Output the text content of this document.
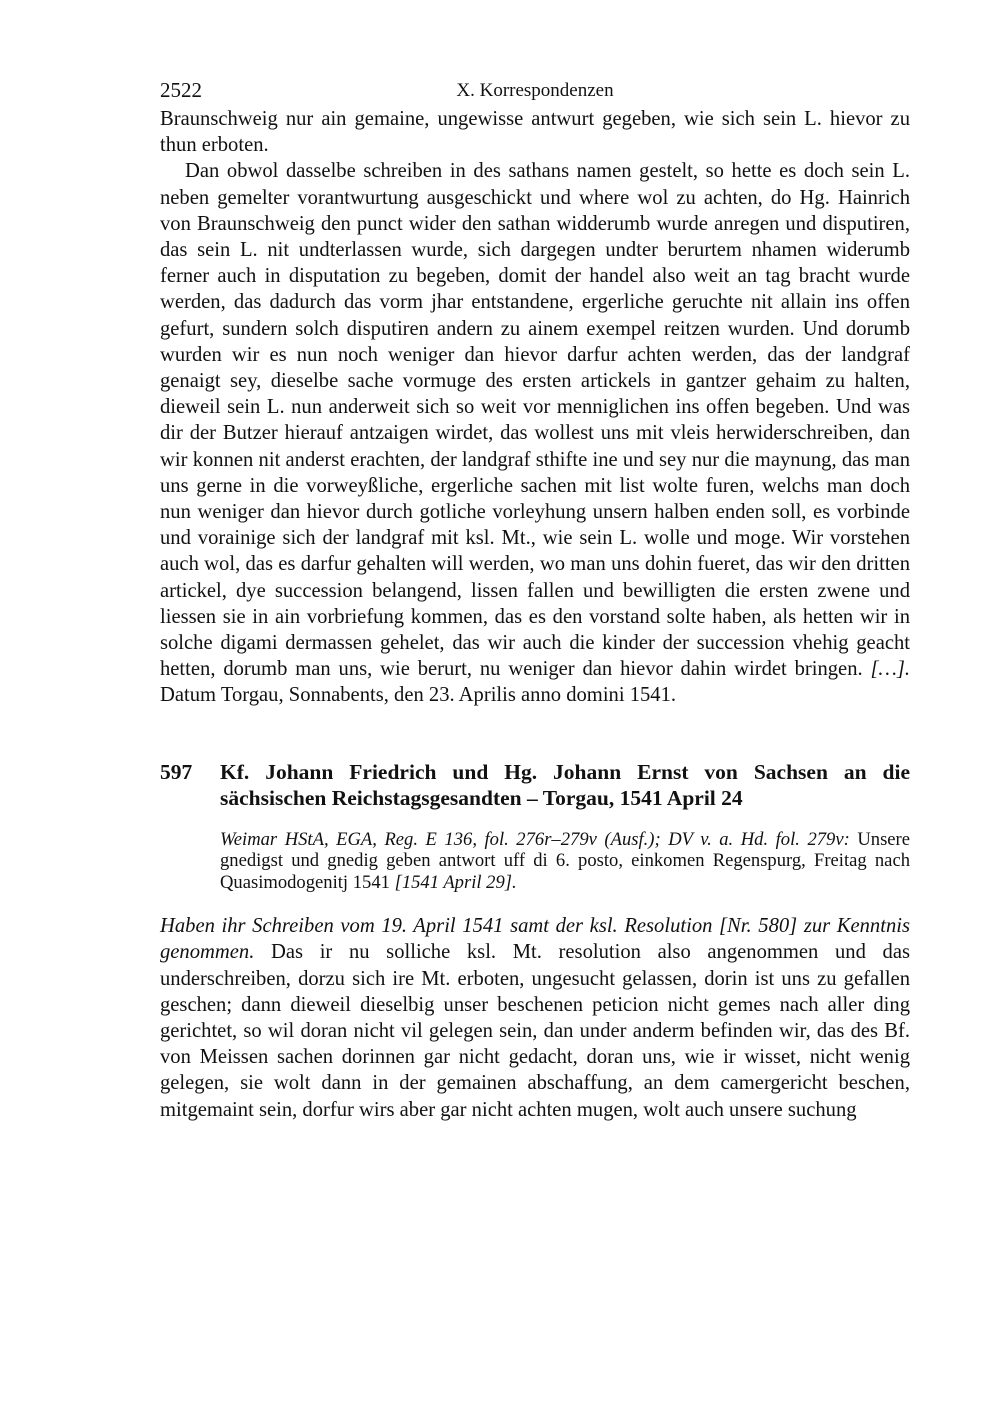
2522	X. Korrespondenzen

Braunschweig nur ain gemaine, ungewisse antwurt gegeben, wie sich sein L. hievor zu thun erboten.

Dan obwol dasselbe schreiben in des sathans namen gestelt, so hette es doch sein L. neben gemelter vorantwurtung ausgeschickt und where wol zu achten, do Hg. Hainrich von Braunschweig den punct wider den sathan widderumb wurde anregen und disputiren, das sein L. nit undterlassen wurde, sich dargegen undter berurtem nhamen widerumb ferner auch in disputation zu begeben, domit der handel also weit an tag bracht wurde werden, das dadurch das vorm jhar entstandene, ergerliche geruchte nit allain ins offen gefurt, sundern solch disputiren andern zu ainem exempel reitzen wurden. Und dorumb wurden wir es nun noch weniger dan hievor darfur achten werden, das der landgraf genaigt sey, dieselbe sache vormuge des ersten artickels in gantzer gehaim zu halten, dieweil sein L. nun anderweit sich so weit vor menniglichen ins offen begeben. Und was dir der Butzer hierauf antzaigen wirdet, das wollest uns mit vleis herwiderschreiben, dan wir konnen nit anderst erachten, der landgraf sthifte ine und sey nur die maynung, das man uns gerne in die vorweyßliche, ergerliche sachen mit list wolte furen, welchs man doch nun weniger dan hievor durch gotliche vorleyhung unsern halben enden soll, es vorbinde und vorainige sich der landgraf mit ksl. Mt., wie sein L. wolle und moge. Wir vorstehen auch wol, das es darfur gehalten will werden, wo man uns dohin fueret, das wir den dritten artickel, dye succession belangend, lissen fallen und bewilligten die ersten zwene und liessen sie in ain vorbriefung kommen, das es den vorstand solte haben, als hetten wir in solche digami dermassen gehelet, das wir auch die kinder der succession vhehig geacht hetten, dorumb man uns, wie berurt, nu weniger dan hievor dahin wirdet bringen. […]. Datum Torgau, Sonnabents, den 23. Aprilis anno domini 1541.

597 Kf. Johann Friedrich und Hg. Johann Ernst von Sachsen an die sächsischen Reichstagsgesandten – Torgau, 1541 April 24

Weimar HStA, EGA, Reg. E 136, fol. 276r–279v (Ausf.); DV v. a. Hd. fol. 279v: Unsere gnedigst und gnedig geben antwort uff di 6. posto, einkomen Regenspurg, Freitag nach Quasimodogenitj 1541 [1541 April 29].

Haben ihr Schreiben vom 19. April 1541 samt der ksl. Resolution [Nr. 580] zur Kenntnis genommen. Das ir nu solliche ksl. Mt. resolution also angenommen und das underschreiben, dorzu sich ire Mt. erboten, ungesucht gelassen, dorin ist uns zu gefallen geschen; dann dieweil dieselbig unser beschenen peticion nicht gemes nach aller ding gerichtet, so wil doran nicht vil gelegen sein, dan under anderm befinden wir, das des Bf. von Meissen sachen dorinnen gar nicht gedacht, doran uns, wie ir wisset, nicht wenig gelegen, sie wolt dann in der gemainen abschaffung, an dem camergericht beschen, mitgemaint sein, dorfur wirs aber gar nicht achten mugen, wolt auch unsere suchung
